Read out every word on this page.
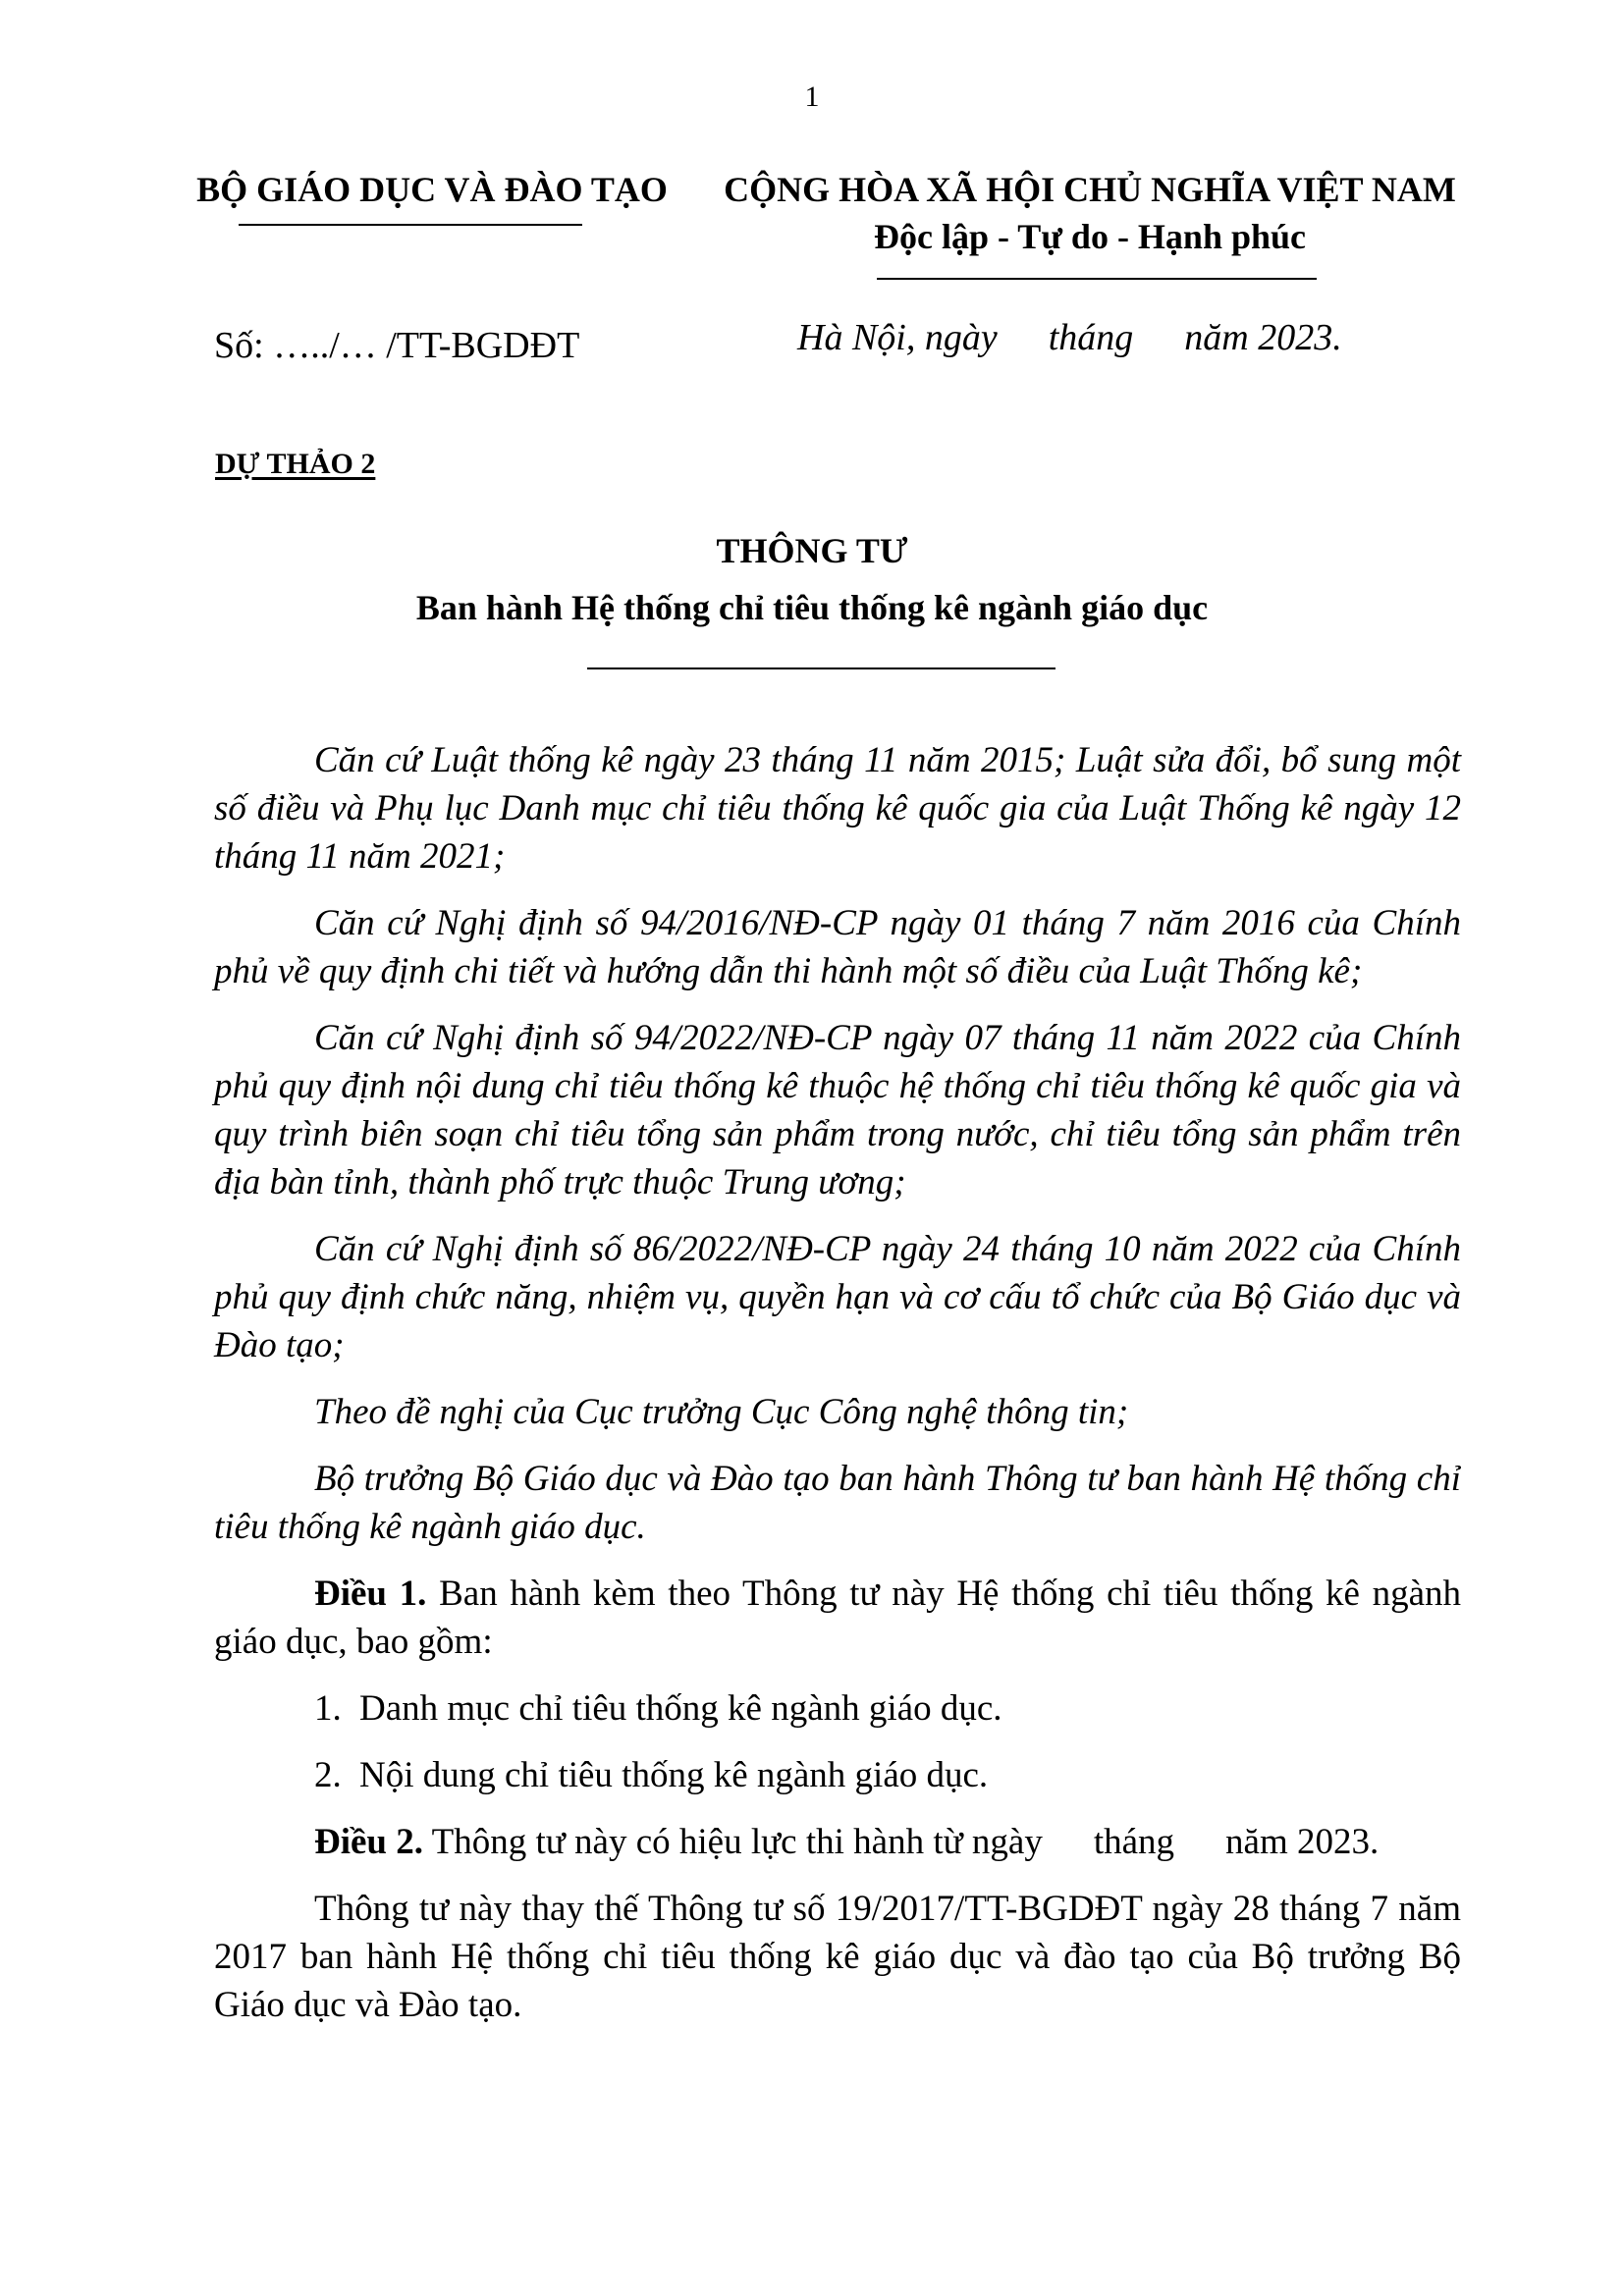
1
BỘ GIÁO DỤC VÀ ĐÀO TẠO	CỘNG HÒA XÃ HỘI CHỦ NGHĨA VIỆT NAM
Độc lập - Tự do - Hạnh phúc
Số: …../… /TT-BGDĐT	Hà Nội, ngày tháng năm 2023.
DỰ THẢO 2
THÔNG TƯ
Ban hành Hệ thống chỉ tiêu thống kê ngành giáo dục

Căn cứ Luật thống kê ngày 23 tháng 11 năm 2015; Luật sửa đổi, bổ sung một số điều và Phụ lục Danh mục chỉ tiêu thống kê quốc gia của Luật Thống kê ngày 12 tháng 11 năm 2021;

Căn cứ Nghị định số 94/2016/NĐ-CP ngày 01 tháng 7 năm 2016 của Chính phủ về quy định chi tiết và hướng dẫn thi hành một số điều của Luật Thống kê;

Căn cứ Nghị định số 94/2022/NĐ-CP ngày 07 tháng 11 năm 2022 của Chính phủ quy định nội dung chỉ tiêu thống kê thuộc hệ thống chỉ tiêu thống kê quốc gia và quy trình biên soạn chỉ tiêu tổng sản phẩm trong nước, chỉ tiêu tổng sản phẩm trên địa bàn tỉnh, thành phố trực thuộc Trung ương;

Căn cứ Nghị định số 86/2022/NĐ-CP ngày 24 tháng 10 năm 2022 của Chính phủ quy định chức năng, nhiệm vụ, quyền hạn và cơ cấu tổ chức của Bộ Giáo dục và Đào tạo;

Theo đề nghị của Cục trưởng Cục Công nghệ thông tin;

Bộ trưởng Bộ Giáo dục và Đào tạo ban hành Thông tư ban hành Hệ thống chỉ tiêu thống kê ngành giáo dục.

Điều 1. Ban hành kèm theo Thông tư này Hệ thống chỉ tiêu thống kê ngành giáo dục, bao gồm:

1. Danh mục chỉ tiêu thống kê ngành giáo dục.

2. Nội dung chỉ tiêu thống kê ngành giáo dục.

Điều 2. Thông tư này có hiệu lực thi hành từ ngày tháng năm 2023.

Thông tư này thay thế Thông tư số 19/2017/TT-BGDĐT ngày 28 tháng 7 năm 2017 ban hành Hệ thống chỉ tiêu thống kê giáo dục và đào tạo của Bộ trưởng Bộ Giáo dục và Đào tạo.
